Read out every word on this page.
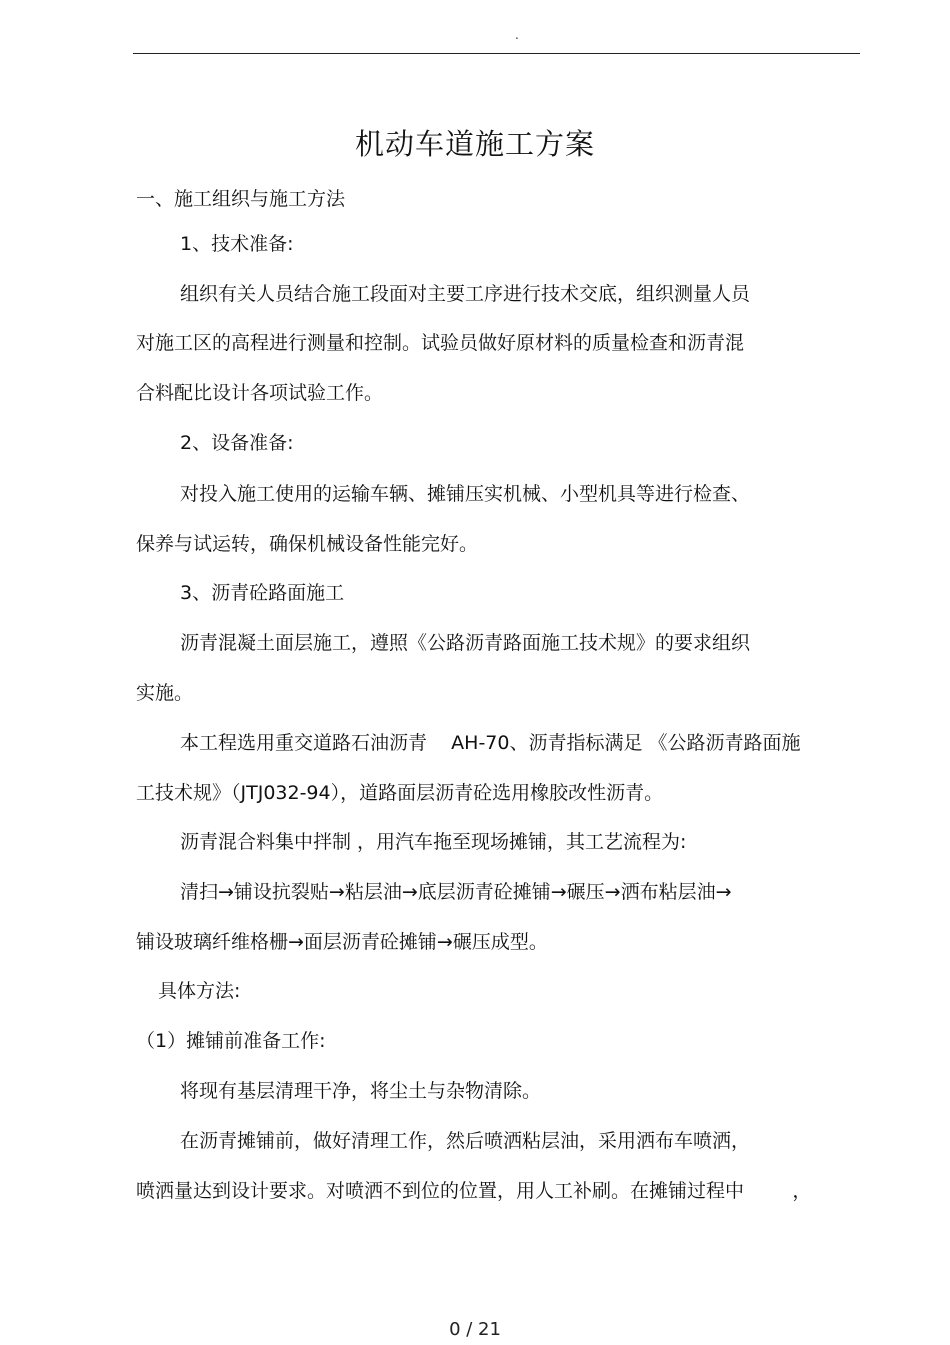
.
机动车道施工方案
一、施工组织与施工方法
1、技术准备:
组织有关人员结合施工段面对主要工序进行技术交底，组织测量人员
对施工区的高程进行测量和控制。试验员做好原材料的质量检查和沥青混
合料配比设计各项试验工作。
2、设备准备:
对投入施工使用的运输车辆、摊铺压实机械、小型机具等进行检查、
保养与试运转，确保机械设备性能完好。
3、沥青砼路面施工
沥青混凝土面层施工，遵照《公路沥青路面施工技术规》的要求组织
实施。
本工程选用重交道路石油沥青    AH-70、沥青指标满足 《公路沥青路面施
工技术规》（JTJ032-94），道路面层沥青砼选用橡胶改性沥青。
沥青混合料集中拌制 ，用汽车拖至现场摊铺，其工艺流程为:
清扫→铺设抗裂贴→粘层油→底层沥青砼摊铺→碾压→洒布粘层油→
铺设玻璃纤维格栅→面层沥青砼摊铺→碾压成型。
具体方法:
（1）摊铺前准备工作:
将现有基层清理干净，将尘土与杂物清除。
在沥青摊铺前，做好清理工作，然后喷洒粘层油，采用洒布车喷洒，
喷洒量达到设计要求。对喷洒不到位的位置，用人工补刷。在摊铺过程中        ，
0 / 21
